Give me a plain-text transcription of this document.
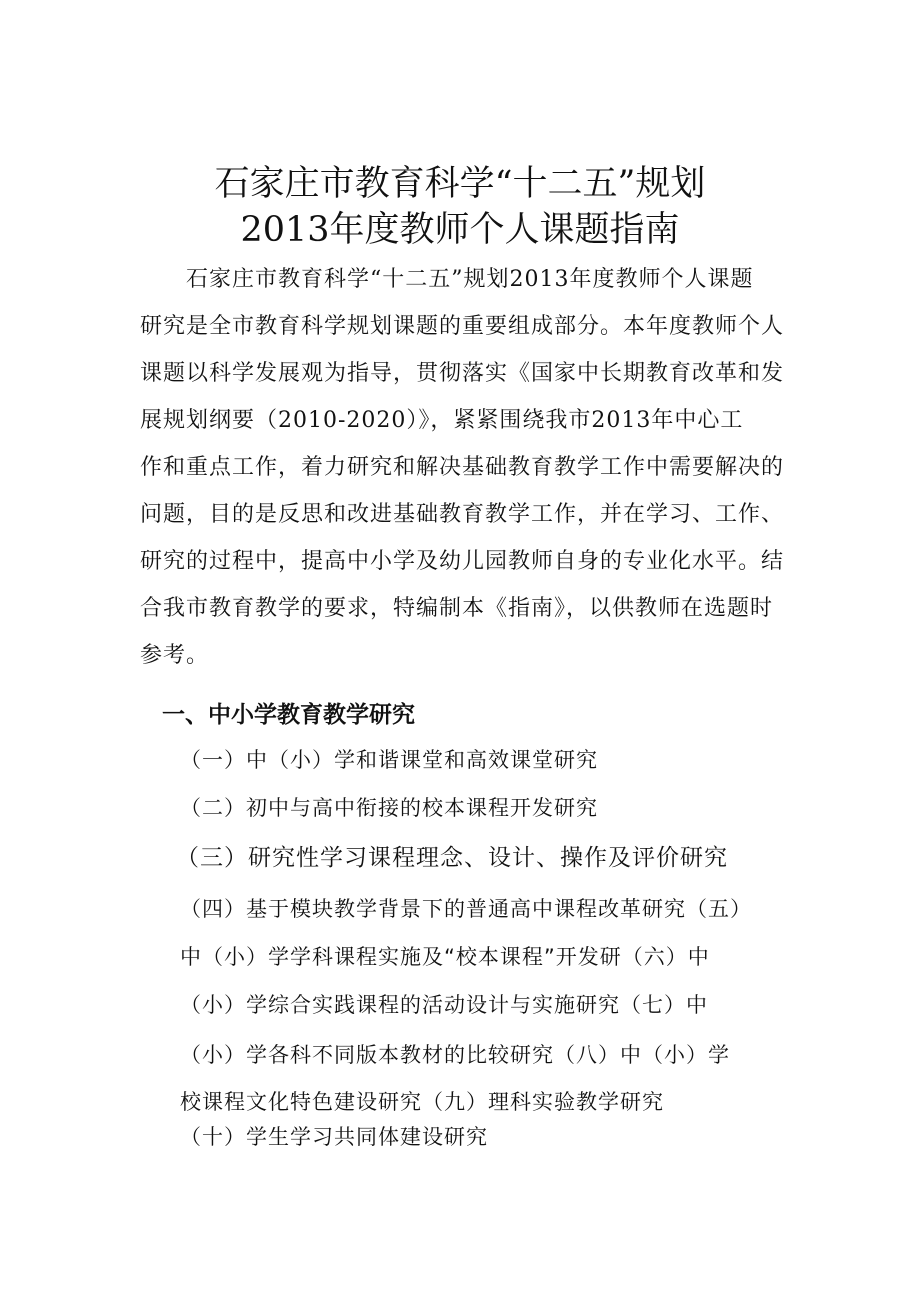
石家庄市教育科学“十二五”规划
2013年度教师个人课题指南
石家庄市教育科学“十二五”规划2013年度教师个人课题
研究是全市教育科学规划课题的重要组成部分。本年度教师个人
课题以科学发展观为指导，贯彻落实《国家中长期教育改革和发
展规划纲要（2010-2020）》，紧紧围绕我市2013年中心工
作和重点工作，着力研究和解决基础教育教学工作中需要解决的
问题，目的是反思和改进基础教育教学工作，并在学习、工作、
研究的过程中，提高中小学及幼儿园教师自身的专业化水平。结
合我市教育教学的要求，特编制本《指南》，以供教师在选题时
参考。
一、中小学教育教学研究
（一）中（小）学和谐课堂和高效课堂研究
（二）初中与高中衔接的校本课程开发研究
（三）研究性学习课程理念、设计、操作及评价研究
（四）基于模块教学背景下的普通高中课程改革研究（五）
中（小）学学科课程实施及“校本课程”开发研（六）中
（小）学综合实践课程的活动设计与实施研究（七）中
（小）学各科不同版本教材的比较研究（八）中（小）学
校课程文化特色建设研究（九）理科实验教学研究
（十）学生学习共同体建设研究
